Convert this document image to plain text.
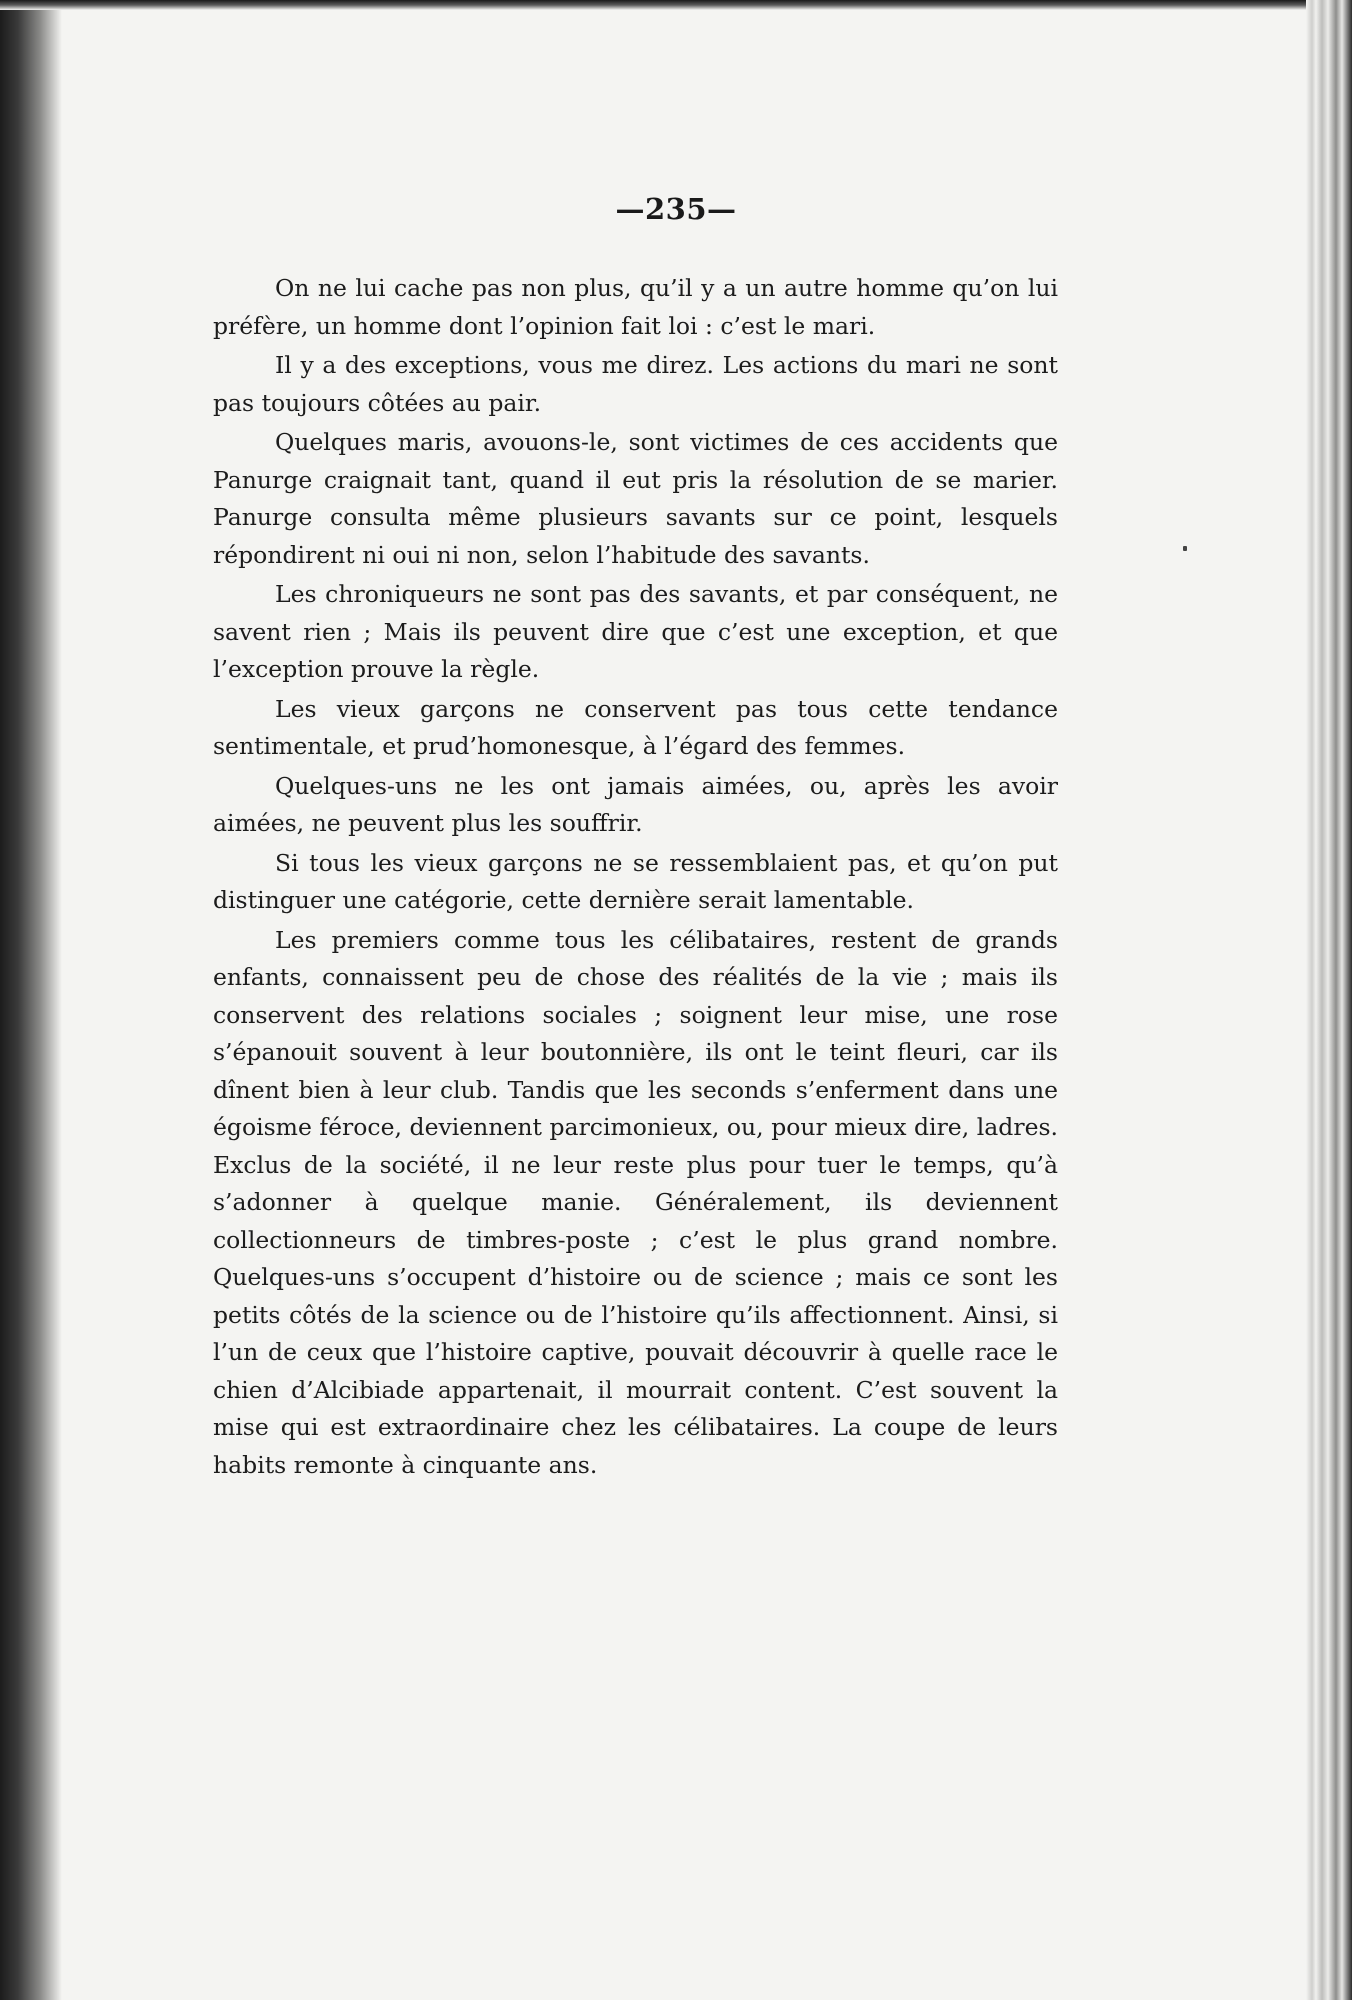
—235—

On ne lui cache pas non plus, qu’il y a un autre homme qu’on lui préfère, un homme dont l’opinion fait loi : c’est le mari.

Il y a des exceptions, vous me direz. Les actions du mari ne sont pas toujours côtées au pair.

Quelques maris, avouons-le, sont victimes de ces accidents que Panurge craignait tant, quand il eut pris la résolution de se marier. Panurge consulta même plusieurs savants sur ce point, lesquels répondirent ni oui ni non, selon l’habitude des savants.

Les chroniqueurs ne sont pas des savants, et par conséquent, ne savent rien ; Mais ils peuvent dire que c’est une exception, et que l’exception prouve la règle.

Les vieux garçons ne conservent pas tous cette tendance sentimentale, et prud’homonesque, à l’égard des femmes.

Quelques-uns ne les ont jamais aimées, ou, après les avoir aimées, ne peuvent plus les souffrir.

Si tous les vieux garçons ne se ressemblaient pas, et qu’on put distinguer une catégorie, cette dernière serait lamentable.

Les premiers comme tous les célibataires, restent de grands enfants, connaissent peu de chose des réalités de la vie ; mais ils conservent des relations sociales ; soignent leur mise, une rose s’épanouit souvent à leur boutonnière, ils ont le teint fleuri, car ils dînent bien à leur club. Tandis que les seconds s’enferment dans une égoisme féroce, deviennent parcimonieux, ou, pour mieux dire, ladres. Exclus de la société, il ne leur reste plus pour tuer le temps, qu’à s’adonner à quelque manie. Généralement, ils deviennent collectionneurs de timbres-poste ; c’est le plus grand nombre. Quelques-uns s’occupent d’histoire ou de science ; mais ce sont les petits côtés de la science ou de l’histoire qu’ils affectionnent. Ainsi, si l’un de ceux que l’histoire captive, pouvait découvrir à quelle race le chien d’Alcibiade appartenait, il mourrait content. C’est souvent la mise qui est extraordinaire chez les célibataires. La coupe de leurs habits remonte à cinquante ans.
